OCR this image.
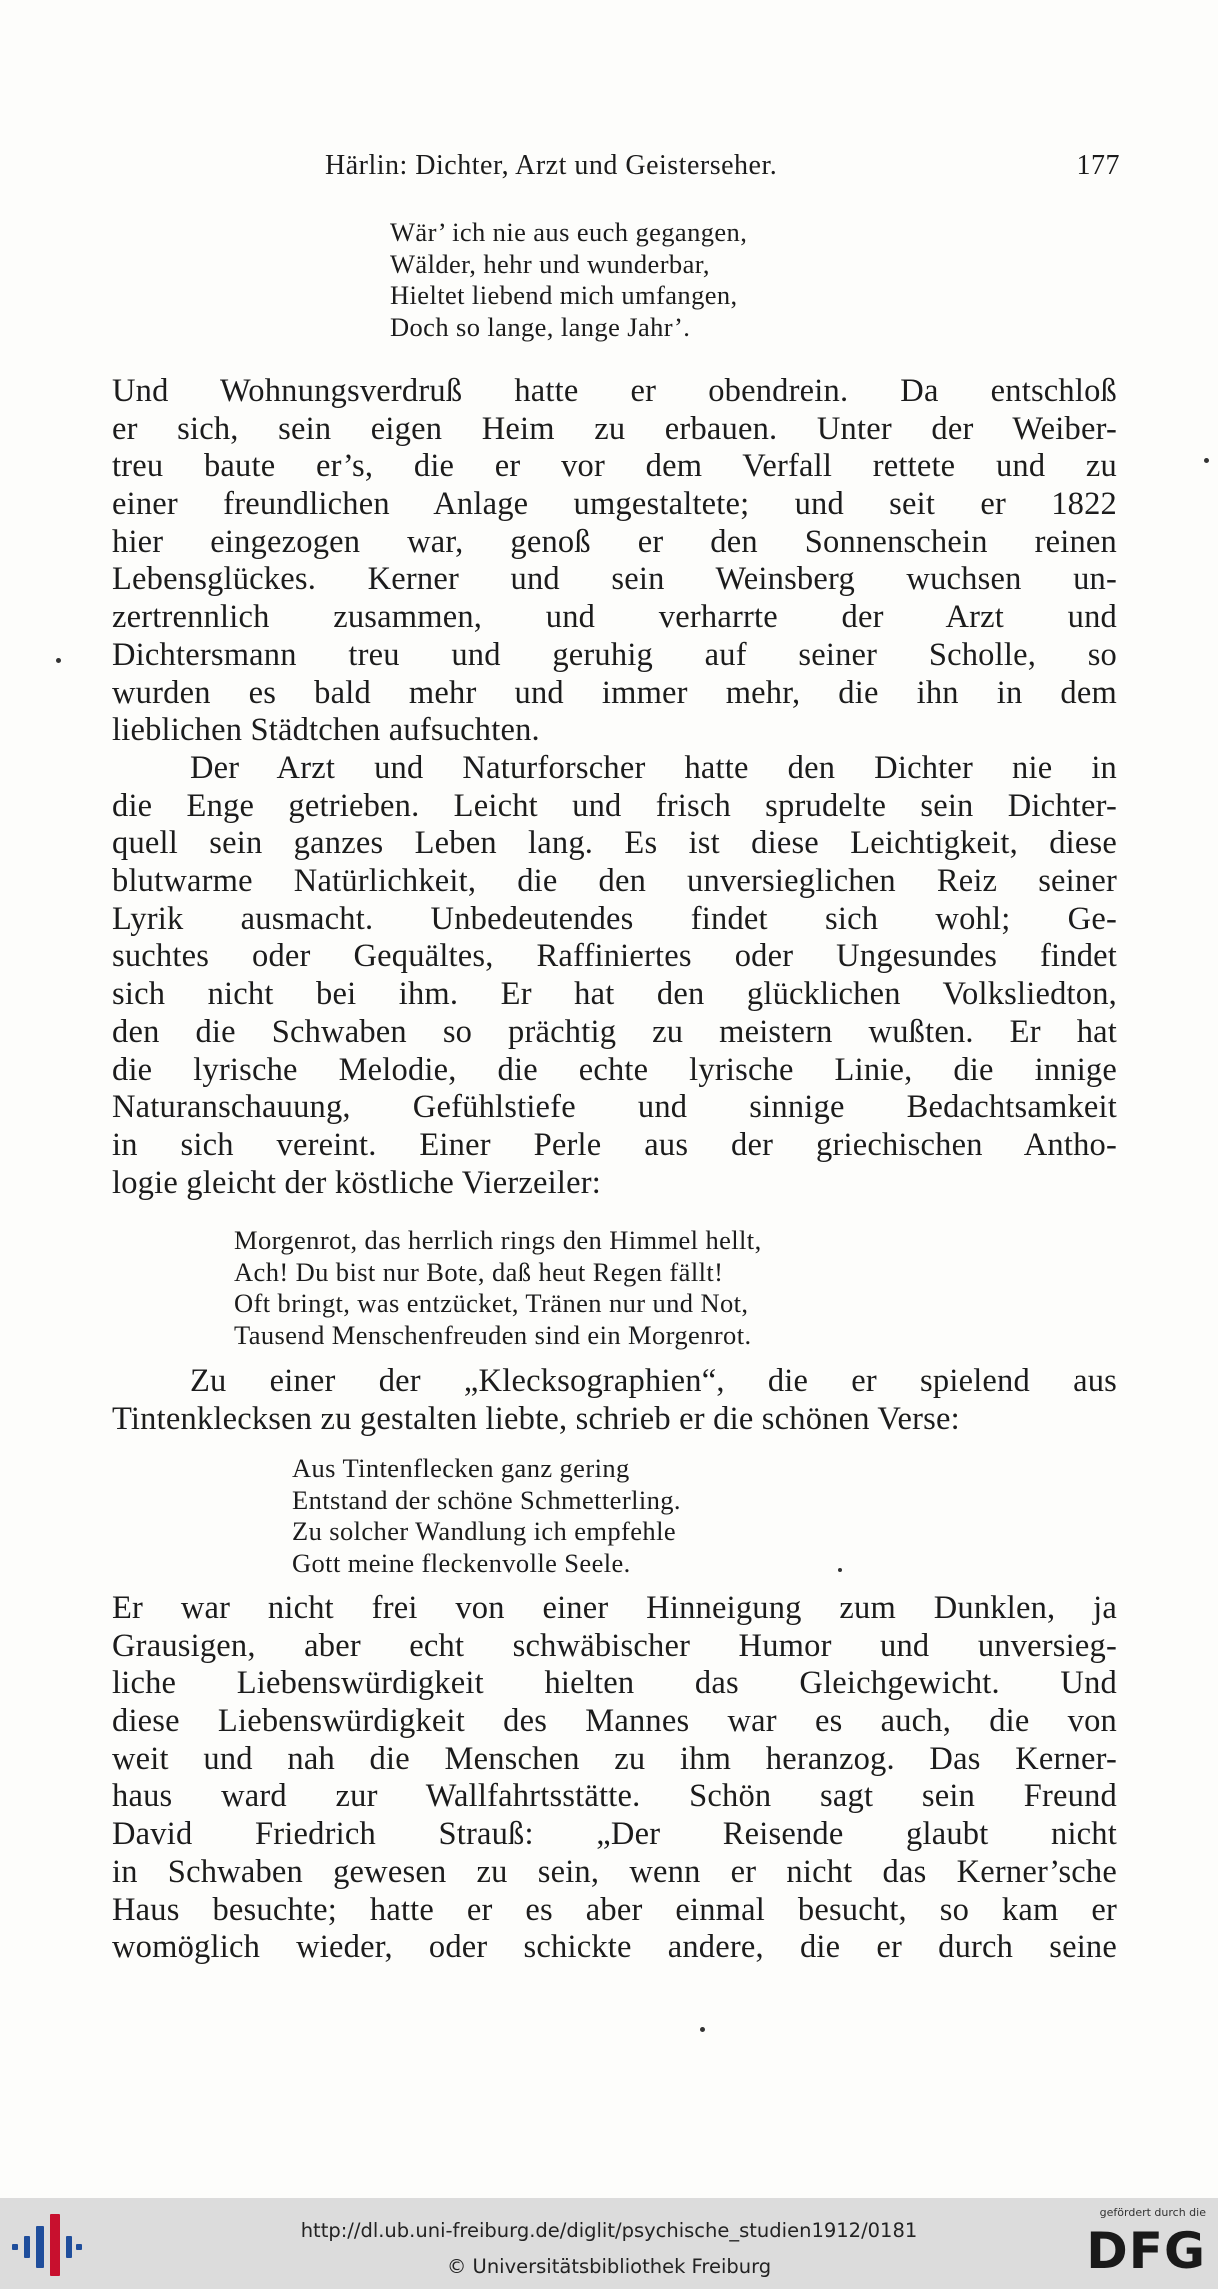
Härlin: Dichter, Arzt und Geisterseher.	177
Wär’ ich nie aus euch gegangen,
Wälder, hehr und wunderbar,
Hieltet liebend mich umfangen,
Doch so lange, lange Jahr’.
Und Wohnungsverdruß hatte er obendrein. Da entschloß
er sich, sein eigen Heim zu erbauen. Unter der Weiber-
treu baute er’s, die er vor dem Verfall rettete und zu
einer freundlichen Anlage umgestaltete; und seit er 1822
hier eingezogen war, genoß er den Sonnenschein reinen
Lebensglückes. Kerner und sein Weinsberg wuchsen un-
zertrennlich zusammen, und verharrte der Arzt und
Dichtersmann treu und geruhig auf seiner Scholle, so
wurden es bald mehr und immer mehr, die ihn in dem
lieblichen Städtchen aufsuchten.
Der Arzt und Naturforscher hatte den Dichter nie in
die Enge getrieben. Leicht und frisch sprudelte sein Dichter-
quell sein ganzes Leben lang. Es ist diese Leichtigkeit, diese
blutwarme Natürlichkeit, die den unversieglichen Reiz seiner
Lyrik ausmacht. Unbedeutendes findet sich wohl; Ge-
suchtes oder Gequältes, Raffiniertes oder Ungesundes findet
sich nicht bei ihm. Er hat den glücklichen Volksliedton,
den die Schwaben so prächtig zu meistern wußten. Er hat
die lyrische Melodie, die echte lyrische Linie, die innige
Naturanschauung, Gefühlstiefe und sinnige Bedachtsamkeit
in sich vereint. Einer Perle aus der griechischen Antho-
logie gleicht der köstliche Vierzeiler:
Morgenrot, das herrlich rings den Himmel hellt,
Ach! Du bist nur Bote, daß heut Regen fällt!
Oft bringt, was entzücket, Tränen nur und Not,
Tausend Menschenfreuden sind ein Morgenrot.
Zu einer der „Klecksographien“, die er spielend aus
Tintenklecksen zu gestalten liebte, schrieb er die schönen Verse:
Aus Tintenflecken ganz gering
Entstand der schöne Schmetterling.
Zu solcher Wandlung ich empfehle
Gott meine fleckenvolle Seele.
Er war nicht frei von einer Hinneigung zum Dunklen, ja
Grausigen, aber echt schwäbischer Humor und unversieg-
liche Liebenswürdigkeit hielten das Gleichgewicht. Und
diese Liebenswürdigkeit des Mannes war es auch, die von
weit und nah die Menschen zu ihm heranzog. Das Kerner-
haus ward zur Wallfahrtsstätte. Schön sagt sein Freund
David Friedrich Strauß: „Der Reisende glaubt nicht
in Schwaben gewesen zu sein, wenn er nicht das Kerner’sche
Haus besuchte; hatte er es aber einmal besucht, so kam er
womöglich wieder, oder schickte andere, die er durch seine
http://dl.ub.uni-freiburg.de/diglit/psychische_studien1912/0181
© Universitätsbibliothek Freiburg
gefördert durch die
DFG
